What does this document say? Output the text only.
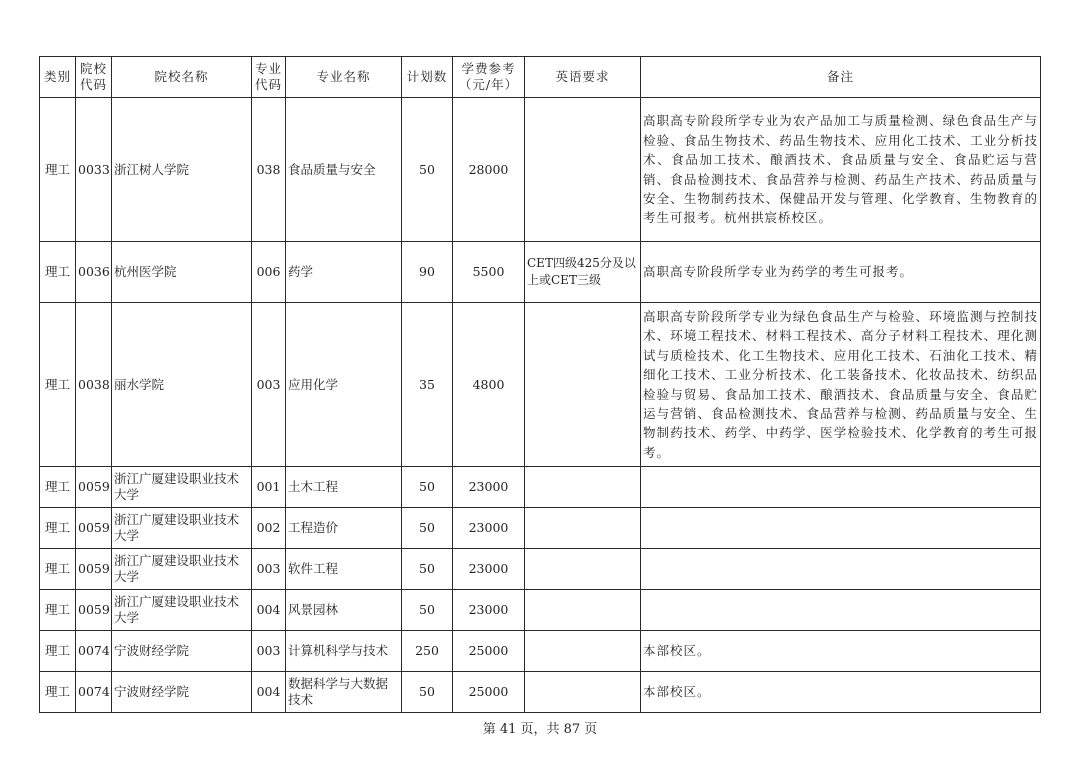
类别	院校代码	院校名称	专业代码	专业名称	计划数	学费参考（元/年）	英语要求	备注
理工	0033	浙江树人学院	038	食品质量与安全	50	28000		高职高专阶段所学专业为农产品加工与质量检测、绿色食品生产与检验、食品生物技术、药品生物技术、应用化工技术、工业分析技术、食品加工技术、酿酒技术、食品质量与安全、食品贮运与营销、食品检测技术、食品营养与检测、药品生产技术、药品质量与安全、生物制药技术、保健品开发与管理、化学教育、生物教育的考生可报考。杭州拱宸桥校区。
理工	0036	杭州医学院	006	药学	90	5500	CET四级425分及以上或CET三级	高职高专阶段所学专业为药学的考生可报考。
理工	0038	丽水学院	003	应用化学	35	4800		高职高专阶段所学专业为绿色食品生产与检验、环境监测与控制技术、环境工程技术、材料工程技术、高分子材料工程技术、理化测试与质检技术、化工生物技术、应用化工技术、石油化工技术、精细化工技术、工业分析技术、化工装备技术、化妆品技术、纺织品检验与贸易、食品加工技术、酿酒技术、食品质量与安全、食品贮运与营销、食品检测技术、食品营养与检测、药品质量与安全、生物制药技术、药学、中药学、医学检验技术、化学教育的考生可报考。
理工	0059	浙江广厦建设职业技术大学	001	土木工程	50	23000		
理工	0059	浙江广厦建设职业技术大学	002	工程造价	50	23000		
理工	0059	浙江广厦建设职业技术大学	003	软件工程	50	23000		
理工	0059	浙江广厦建设职业技术大学	004	风景园林	50	23000		
理工	0074	宁波财经学院	003	计算机科学与技术	250	25000		本部校区。
理工	0074	宁波财经学院	004	数据科学与大数据技术	50	25000		本部校区。
第 41 页，共 87 页
